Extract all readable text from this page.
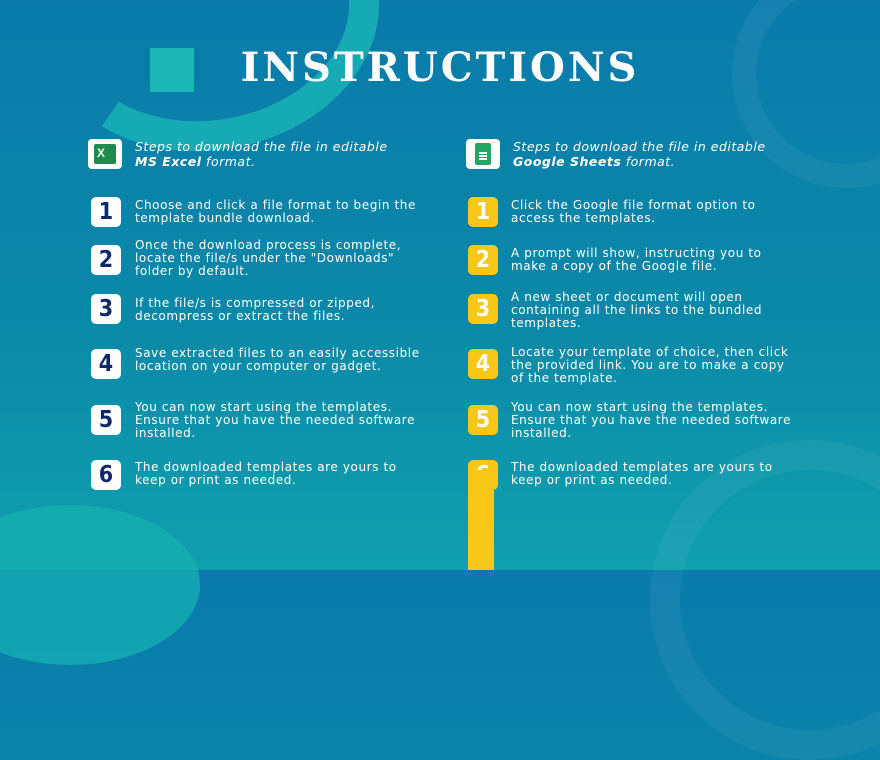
INSTRUCTIONS
X Steps to download the file in editable
MS Excel format.
1	Choose and click a file format to begin the template bundle download.
2
Once the download process is complete, locate the file/s under the "Downloads" folder by default.
3	If the file/s is compressed or zipped, decompress or extract the files.
4	Save extracted files to an easily accessible location on your computer or gadget.
5	You can now start using the templates. Ensure that you have the needed software installed.
6	The downloaded templates are yours to keep or print as needed.
Steps to download the file in editable
Google Sheets format.
1	Click the Google file format option to access the templates.
2	A prompt will show, instructing you to make a copy of the Google file.
3	A new sheet or document will open containing all the links to the bundled templates.
4	Locate your template of choice, then click the provided link. You are to make a copy of the template.
5	You can now start using the templates. Ensure that you have the needed software installed.
The downloaded templates are yours to keep or print as needed.
